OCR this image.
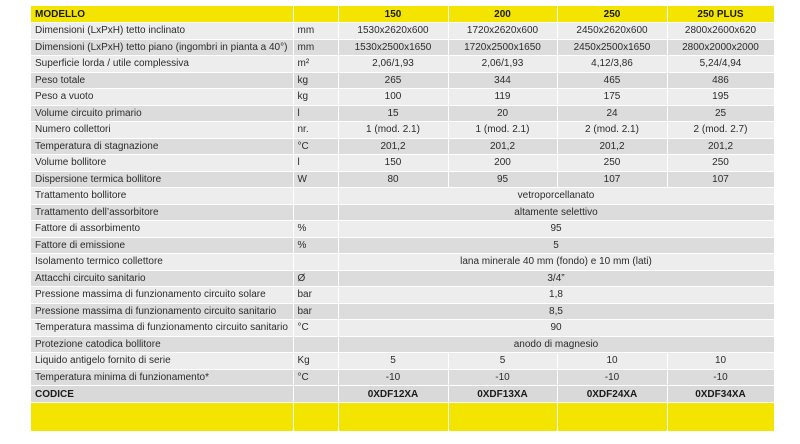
MODELLO		150	200	250	250 PLUS
Dimensioni (LxPxH) tetto inclinato	mm	1530x2620x600	1720x2620x600	2450x2620x600	2800x2600x620
Dimensioni (LxPxH) tetto piano (ingombri in pianta a 40°)	mm	1530x2500x1650	1720x2500x1650	2450x2500x1650	2800x2000x2000
Superficie lorda / utile complessiva	m²	2,06/1,93	2,06/1,93	4,12/3,86	5,24/4,94
Peso totale	kg	265	344	465	486
Peso a vuoto	kg	100	119	175	195
Volume circuito primario	l	15	20	24	25
Numero collettori	nr.	1 (mod. 2.1)	1 (mod. 2.1)	2 (mod. 2.1)	2 (mod. 2.7)
Temperatura di stagnazione	°C	201,2	201,2	201,2	201,2
Volume bollitore	l	150	200	250	250
Dispersione termica bollitore	W	80	95	107	107
Trattamento bollitore		vetroporcellanato			
Trattamento dell’assorbitore		altamente selettivo			
Fattore di assorbimento	%	95			
Fattore di emissione	%	5			
Isolamento termico collettore		lana minerale 40 mm (fondo) e 10 mm (lati)			
Attacchi circuito sanitario	Ø	3/4”			
Pressione massima di funzionamento circuito solare	bar	1,8			
Pressione massima di funzionamento circuito sanitario	bar	8,5			
Temperatura massima di funzionamento circuito sanitario	°C	90			
Protezione catodica bollitore		anodo di magnesio			
Liquido antigelo fornito di serie	Kg	5	5	10	10
Temperatura minima di funzionamento*	°C	-10	-10	-10	-10
CODICE		0XDF12XA	0XDF13XA	0XDF24XA	0XDF34XA
